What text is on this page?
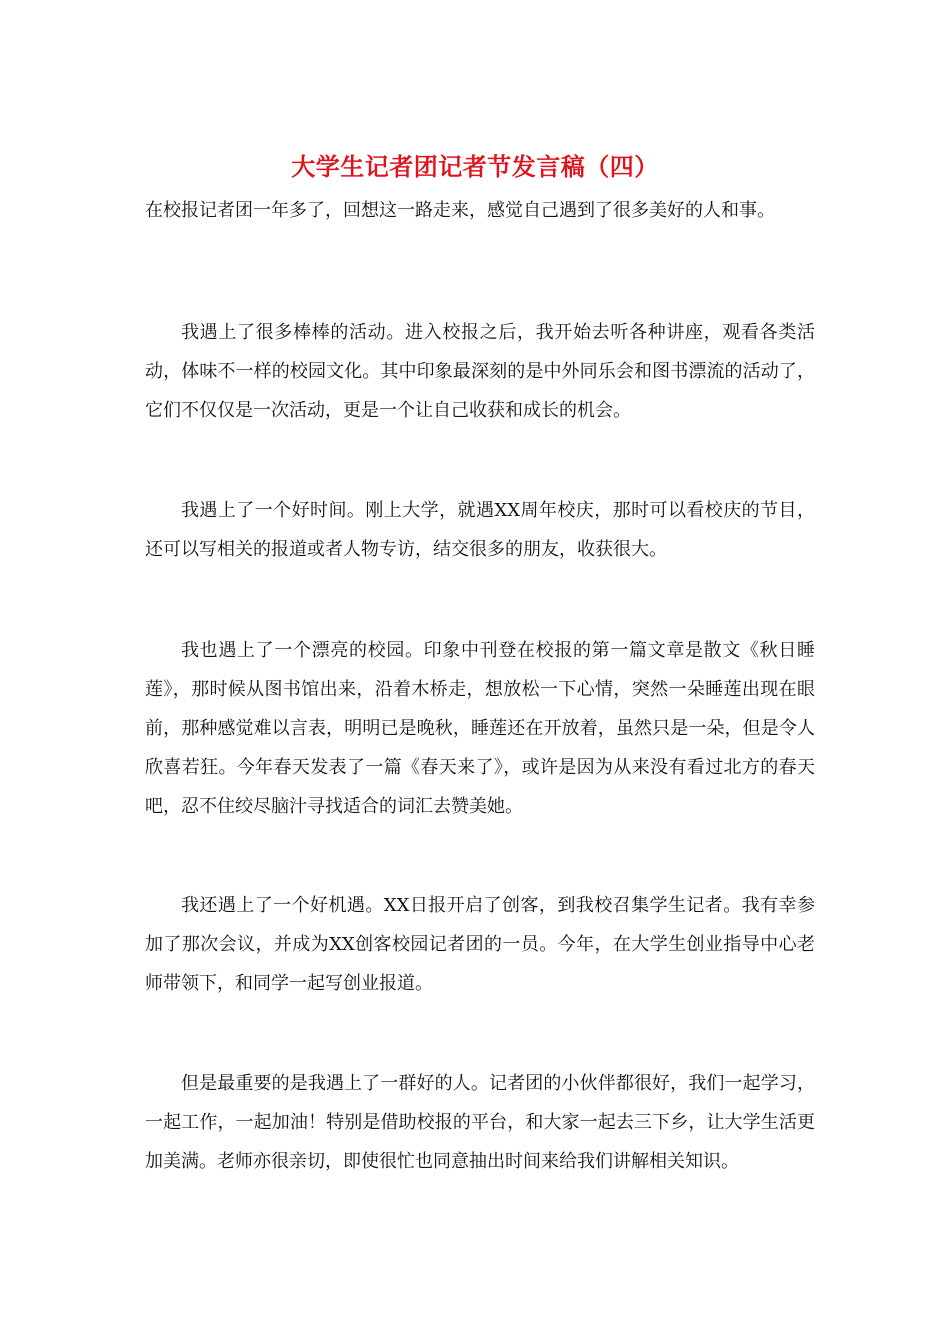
大学生记者团记者节发言稿（四）
在校报记者团一年多了，回想这一路走来，感觉自己遇到了很多美好的人和事。

我遇上了很多棒棒的活动。进入校报之后，我开始去听各种讲座，观看各类活动，体味不一样的校园文化。其中印象最深刻的是中外同乐会和图书漂流的活动了，它们不仅仅是一次活动，更是一个让自己收获和成长的机会。

我遇上了一个好时间。刚上大学，就遇XX周年校庆，那时可以看校庆的节目，还可以写相关的报道或者人物专访，结交很多的朋友，收获很大。

我也遇上了一个漂亮的校园。印象中刊登在校报的第一篇文章是散文《秋日睡莲》，那时候从图书馆出来，沿着木桥走，想放松一下心情，突然一朵睡莲出现在眼前，那种感觉难以言表，明明已是晚秋，睡莲还在开放着，虽然只是一朵，但是令人欣喜若狂。今年春天发表了一篇《春天来了》，或许是因为从来没有看过北方的春天吧，忍不住绞尽脑汁寻找适合的词汇去赞美她。

我还遇上了一个好机遇。XX日报开启了创客，到我校召集学生记者。我有幸参加了那次会议，并成为XX创客校园记者团的一员。今年，在大学生创业指导中心老师带领下，和同学一起写创业报道。

但是最重要的是我遇上了一群好的人。记者团的小伙伴都很好，我们一起学习，一起工作，一起加油！特别是借助校报的平台，和大家一起去三下乡，让大学生活更加美满。老师亦很亲切，即使很忙也同意抽出时间来给我们讲解相关知识。
